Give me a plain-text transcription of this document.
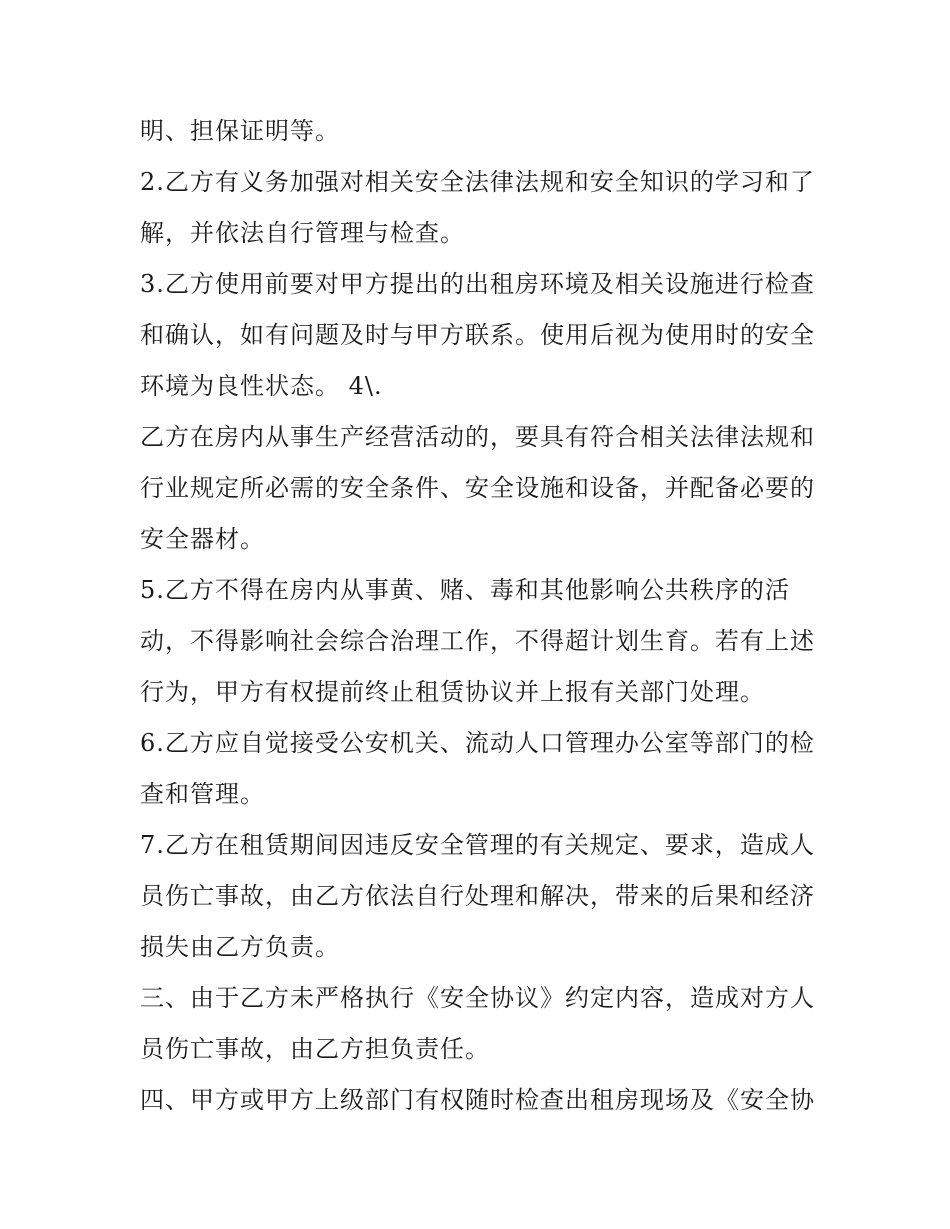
明、担保证明等。
2.乙方有义务加强对相关安全法律法规和安全知识的学习和了
解，并依法自行管理与检查。
3.乙方使用前要对甲方提出的出租房环境及相关设施进行检查
和确认，如有问题及时与甲方联系。使用后视为使用时的安全
环境为良性状态。 4\.
乙方在房内从事生产经营活动的，要具有符合相关法律法规和
行业规定所必需的安全条件、安全设施和设备，并配备必要的
安全器材。
5.乙方不得在房内从事黄、赌、毒和其他影响公共秩序的活
动，不得影响社会综合治理工作，不得超计划生育。若有上述
行为，甲方有权提前终止租赁协议并上报有关部门处理。
6.乙方应自觉接受公安机关、流动人口管理办公室等部门的检
查和管理。
7.乙方在租赁期间因违反安全管理的有关规定、要求，造成人
员伤亡事故，由乙方依法自行处理和解决，带来的后果和经济
损失由乙方负责。
三、由于乙方未严格执行《安全协议》约定内容，造成对方人
员伤亡事故，由乙方担负责任。
四、甲方或甲方上级部门有权随时检查出租房现场及《安全协
